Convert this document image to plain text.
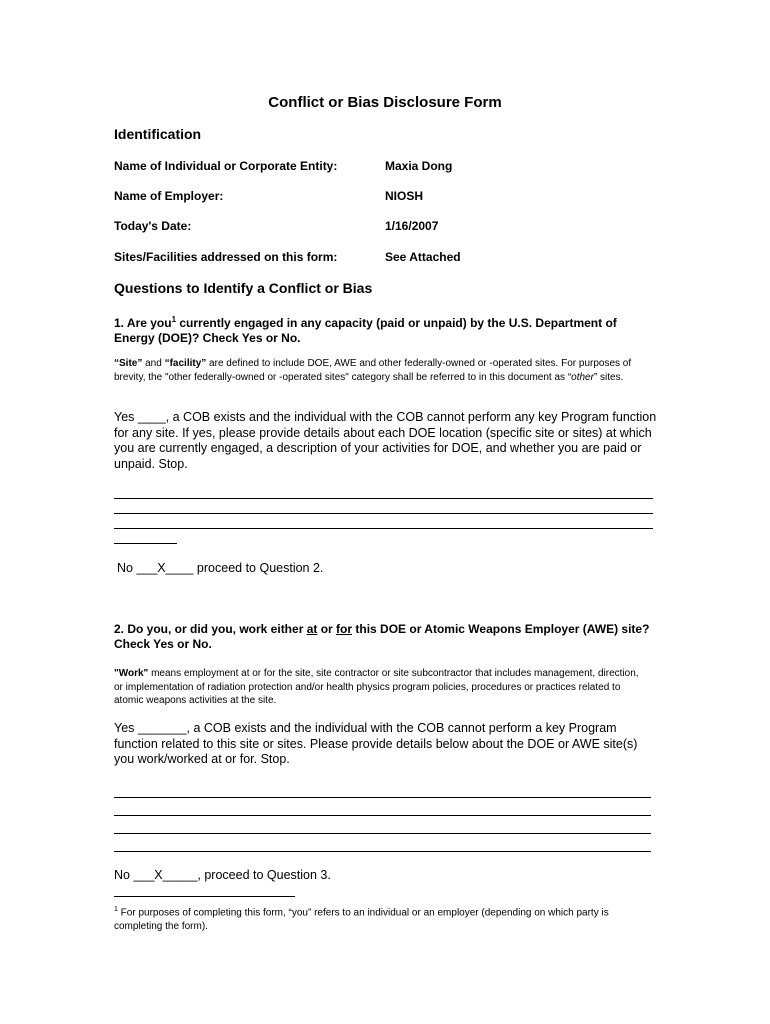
Conflict or Bias Disclosure Form
Identification
Name of Individual or Corporate Entity:	Maxia Dong
Name of Employer:	NIOSH
Today's Date:	1/16/2007
Sites/Facilities addressed on this form:	See Attached
Questions to Identify a Conflict or Bias
1. Are you$^1$ currently engaged in any capacity (paid or unpaid) by the U.S. Department of Energy (DOE)? Check Yes or No.
“Site” and “facility” are defined to include DOE, AWE and other federally-owned or -operated sites. For purposes of brevity, the "other federally-owned or -operated sites" category shall be referred to in this document as “other” sites.
Yes ____, a COB exists and the individual with the COB cannot perform any key Program function for any site. If yes, please provide details about each DOE location (specific site or sites) at which you are currently engaged, a description of your activities for DOE, and whether you are paid or unpaid. Stop.
No ___X____ proceed to Question 2.
2. Do you, or did you, work either at or for this DOE or Atomic Weapons Employer (AWE) site? Check Yes or No.
"Work" means employment at or for the site, site contractor or site subcontractor that includes management, direction, or implementation of radiation protection and/or health physics program policies, procedures or practices related to atomic weapons activities at the site.
Yes _______, a COB exists and the individual with the COB cannot perform a key Program function related to this site or sites. Please provide details below about the DOE or AWE site(s) you work/worked at or for. Stop.
No ___X_____, proceed to Question 3.
$^1$ For purposes of completing this form, “you” refers to an individual or an employer (depending on which party is completing the form).
